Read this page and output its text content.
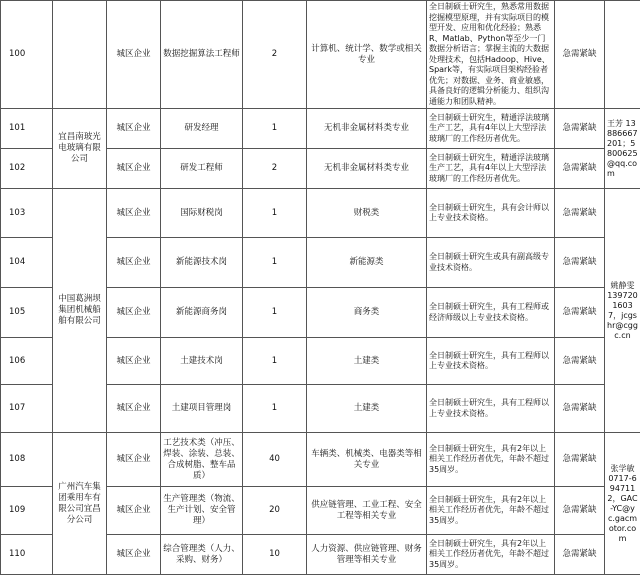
100		城区企业	数据挖掘算法工程师	2	计算机、统计学、数学或相关专业	全日制硕士研究生，熟悉常用数据挖掘模型原理，并有实际项目的模型开发、应用和优化经验；熟悉R、Matlab、Python等至少一门数据分析语言；掌握主流的大数据处理技术，包括Hadoop、Hive、Spark等，有实际项目架构经验者优先；对数据、业务、商业敏感，具备良好的逻辑分析能力、组织沟通能力和团队精神。	急需紧缺	
101	宜昌南玻光电玻璃有限公司	城区企业	研发经理	1	无机非金属材料类专业	全日制硕士研究生，精通浮法玻璃生产工艺，具有4年以上大型浮法玻璃厂的工作经历者优先。	急需紧缺	王芳 13886667201；5800625@qq.com
102		城区企业	研发工程师	2	无机非金属材料类专业	全日制硕士研究生，精通浮法玻璃生产工艺，具有4年以上大型浮法玻璃厂的工作经历者优先。	急需紧缺	
103	中国葛洲坝集团机械船舶有限公司	城区企业	国际财税岗	1	财税类	全日制硕士研究生，具有会计师以上专业技术资格。	急需紧缺	姚静雯 13972016037，jcgshr@cggc.cn
104		城区企业	新能源技术岗	1	新能源类	全日制硕士研究生或具有副高级专业技术资格。	急需紧缺	
105		城区企业	新能源商务岗	1	商务类	全日制硕士研究生，具有工程师或经济师级以上专业技术资格。	急需紧缺	
106		城区企业	土建技术岗	1	土建类	全日制硕士研究生，具有工程师以上专业技术资格。	急需紧缺	
107		城区企业	土建项目管理岗	1	土建类	全日制硕士研究生，具有工程师以上专业技术资格。	急需紧缺	
108	广州汽车集团乘用车有限公司宜昌分公司	城区企业	工艺技术类（冲压、焊装、涂装、总装、合成树脂、整车品质）	40	车辆类、机械类、电器类等相关专业	全日制硕士研究生，具有2年以上相关工作经历者优先，年龄不超过35周岁。	急需紧缺	张学敏 0717-6947112，GAC-YC@yc.gacmotor.com
109		城区企业	生产管理类（物流、生产计划、安全管理）	20	供应链管理、工业工程、安全工程等相关专业	全日制硕士研究生，具有2年以上相关工作经历者优先，年龄不超过35周岁。	急需紧缺	
110		城区企业	综合管理类（人力、采购、财务）	10	人力资源、供应链管理、财务管理等相关专业	全日制硕士研究生，具有2年以上相关工作经历者优先，年龄不超过35周岁。	急需紧缺	
